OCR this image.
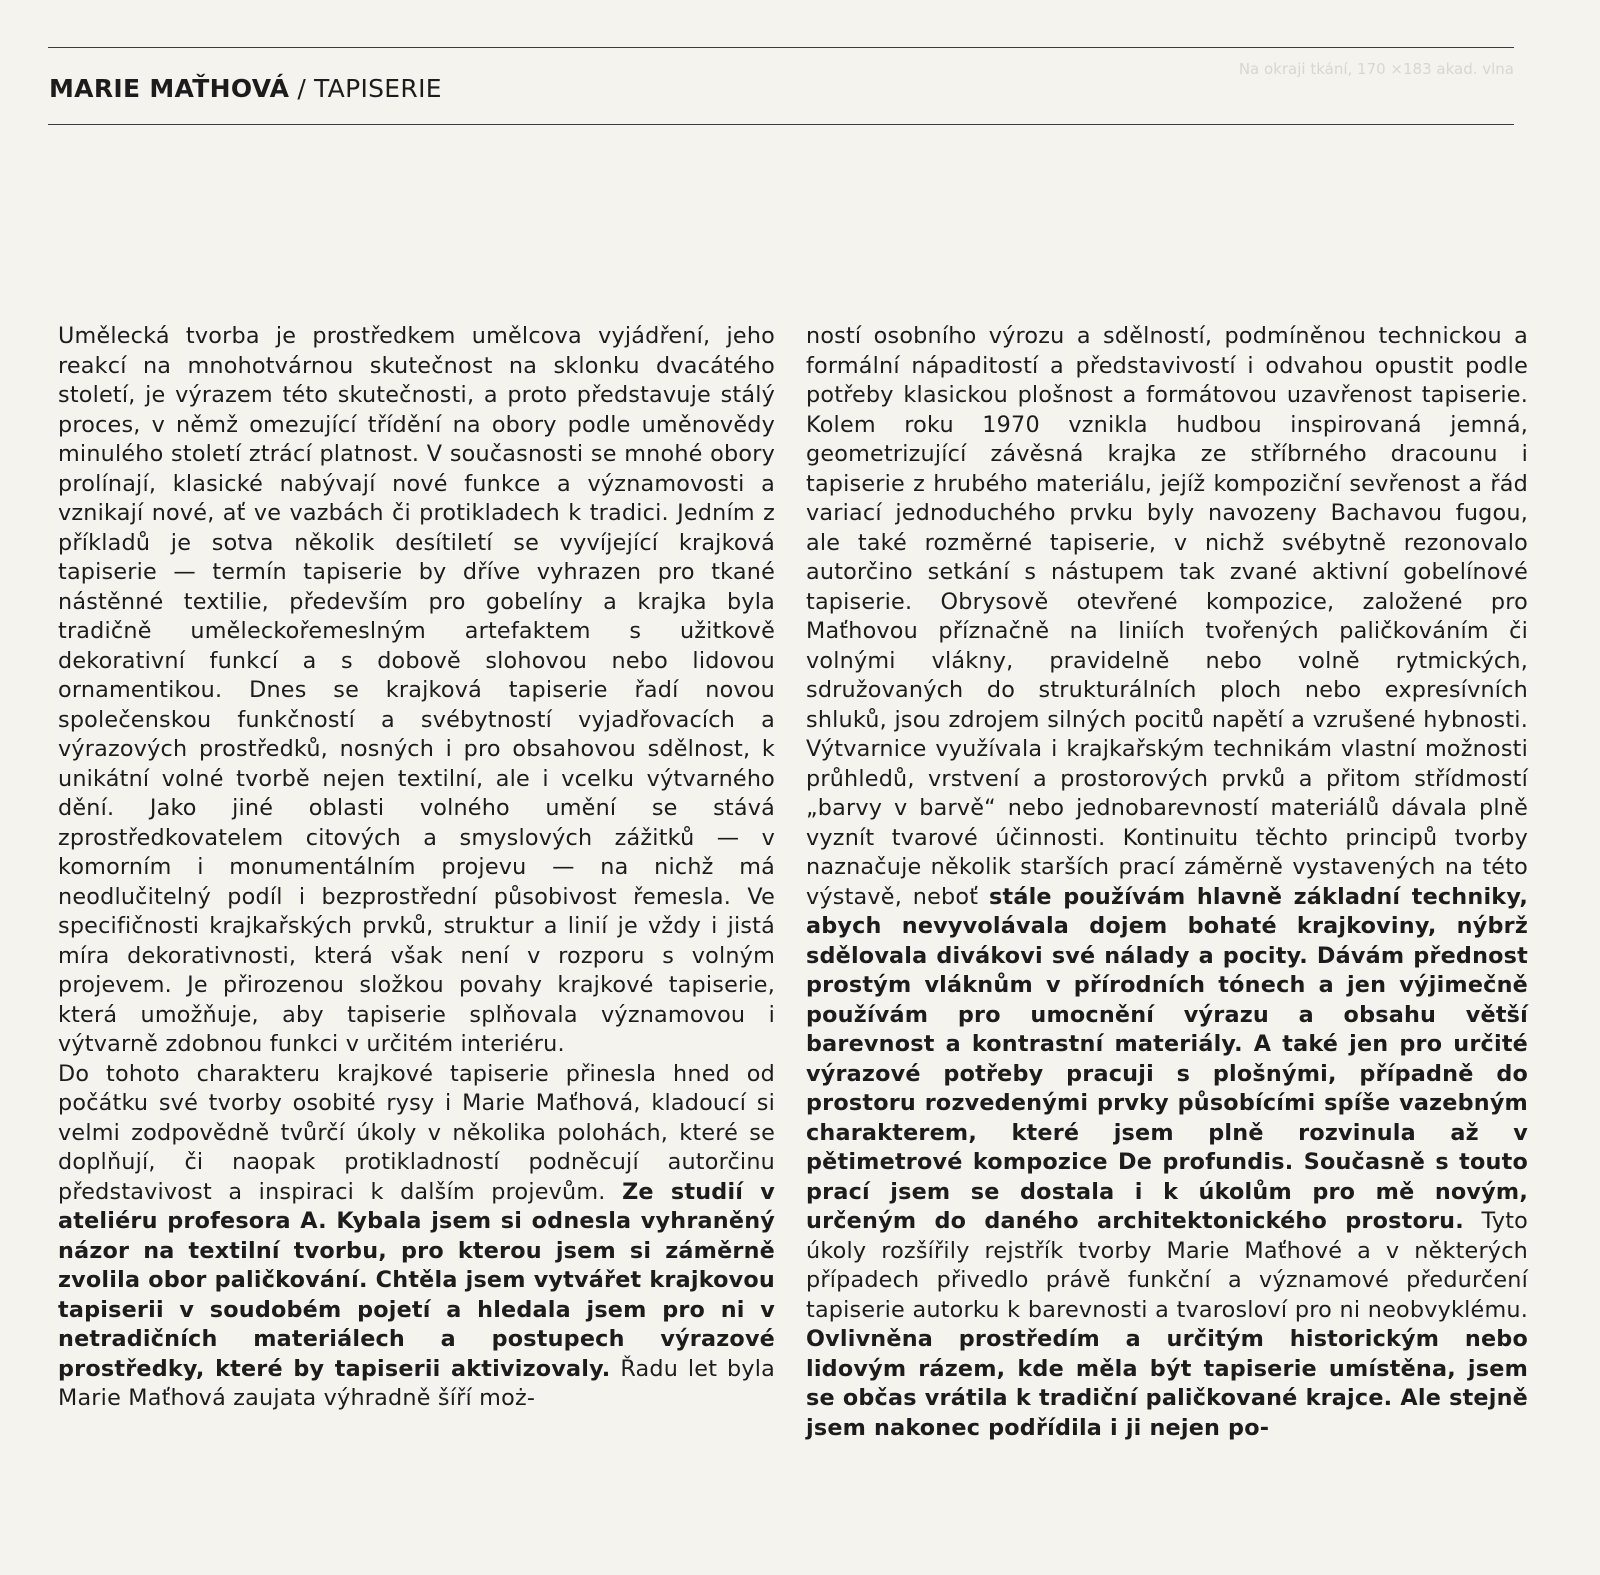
MARIE MAŤHOVÁ / TAPISERIE
Na okraji tkání, 170 ×183 akad. vlna

Umělecká tvorba je prostředkem umělcova vyjádření, jeho reakcí na mnohotvárnou skutečnost na sklonku dvacátého století, je výrazem této skutečnosti, a proto představuje stálý proces, v němž omezující třídění na obory podle uměnovědy minulého století ztrácí platnost. V současnosti se mnohé obory prolínají, klasické nabývají nové funkce a významovosti a vznikají nové, ať ve vazbách či protikladech k tradici. Jedním z příkladů je sotva několik desítiletí se vyvíjející krajková tapiserie — termín tapiserie by dříve vyhrazen pro tkané nástěnné textilie, především pro gobelíny a krajka byla tradičně uměleckořemeslným artefaktem s užitkově dekorativní funkcí a s dobově slohovou nebo lidovou ornamentikou. Dnes se krajková tapiserie řadí novou společenskou funkčností a svébytností vyjadřovacích a výrazových prostředků, nosných i pro obsahovou sdělnost, k unikátní volné tvorbě nejen textilní, ale i vcelku výtvarného dění. Jako jiné oblasti volného umění se stává zprostředkovatelem citových a smyslových zážitků — v komorním i monumentálním projevu — na nichž má neodlučitelný podíl i bezprostřední působivost řemesla. Ve specifičnosti krajkařských prvků, struktur a linií je vždy i jistá míra dekorativnosti, která však není v rozporu s volným projevem. Je přirozenou složkou povahy krajkové tapiserie, která umožňuje, aby tapiserie splňovala významovou i výtvarně zdobnou funkci v určitém interiéru.

Do tohoto charakteru krajkové tapiserie přinesla hned od počátku své tvorby osobité rysy i Marie Maťhová, kladoucí si velmi zodpovědně tvůrčí úkoly v několika polohách, které se doplňují, či naopak protikladností podněcují autorčinu představivost a inspiraci k dalším projevům. Ze studií v ateliéru profesora A. Kybala jsem si odnesla vyhraněný názor na textilní tvorbu, pro kterou jsem si záměrně zvolila obor paličkování. Chtěla jsem vytvářet krajkovou tapiserii v soudobém pojetí a hledala jsem pro ni v netradičních materiálech a postupech výrazové prostředky, které by tapiserii aktivizovaly. Řadu let byla Marie Maťhová zaujata výhradně šíří moż-

ností osobního výrozu a sdělností, podmíněnou technickou a formální nápaditostí a představivostí i odvahou opustit podle potřeby klasickou plošnost a formátovou uzavřenost tapiserie. Kolem roku 1970 vznikla hudbou inspirovaná jemná, geometrizující závěsná krajka ze stříbrného dracounu i tapiserie z hrubého materiálu, jejíž kompoziční sevřenost a řád variací jednoduchého prvku byly navozeny Bachavou fugou, ale také rozměrné tapiserie, v nichž svébytně rezonovalo autorčino setkání s nástupem tak zvané aktivní gobelínové tapiserie. Obrysově otevřené kompozice, založené pro Maťhovou příznačně na liniích tvořených paličkováním či volnými vlákny, pravidelně nebo volně rytmických, sdružovaných do strukturálních ploch nebo expresívních shluků, jsou zdrojem silných pocitů napětí a vzrušené hybnosti. Výtvarnice využívala i krajkařským technikám vlastní možnosti průhledů, vrstvení a prostorových prvků a přitom střídmostí „barvy v barvě“ nebo jednobarevností materiálů dávala plně vyznít tvarové účinnosti. Kontinuitu těchto principů tvorby naznačuje několik starších prací záměrně vystavených na této výstavě, neboť stále používám hlavně základní techniky, abych nevyvolávala dojem bohaté krajkoviny, nýbrž sdělovala divákovi své nálady a pocity. Dávám přednost prostým vláknům v přírodních tónech a jen výjimečně používám pro umocnění výrazu a obsahu větší barevnost a kontrastní materiály. A také jen pro určité výrazové potřeby pracuji s plošnými, případně do prostoru rozvedenými prvky působícími spíše vazebným charakterem, které jsem plně rozvinula až v pětimetrové kompozice De profundis. Současně s touto prací jsem se dostala i k úkolům pro mě novým, určeným do daného architektonického prostoru. Tyto úkoly rozšířily rejstřík tvorby Marie Maťhové a v některých případech přivedlo právě funkční a významové předurčení tapiserie autorku k barevnosti a tvarosloví pro ni neobvyklému. Ovlivněna prostředím a určitým historickým nebo lidovým rázem, kde měla být tapiserie umístěna, jsem se občas vrátila k tradiční paličkované krajce. Ale stejně jsem nakonec podřídila i ji nejen po-
